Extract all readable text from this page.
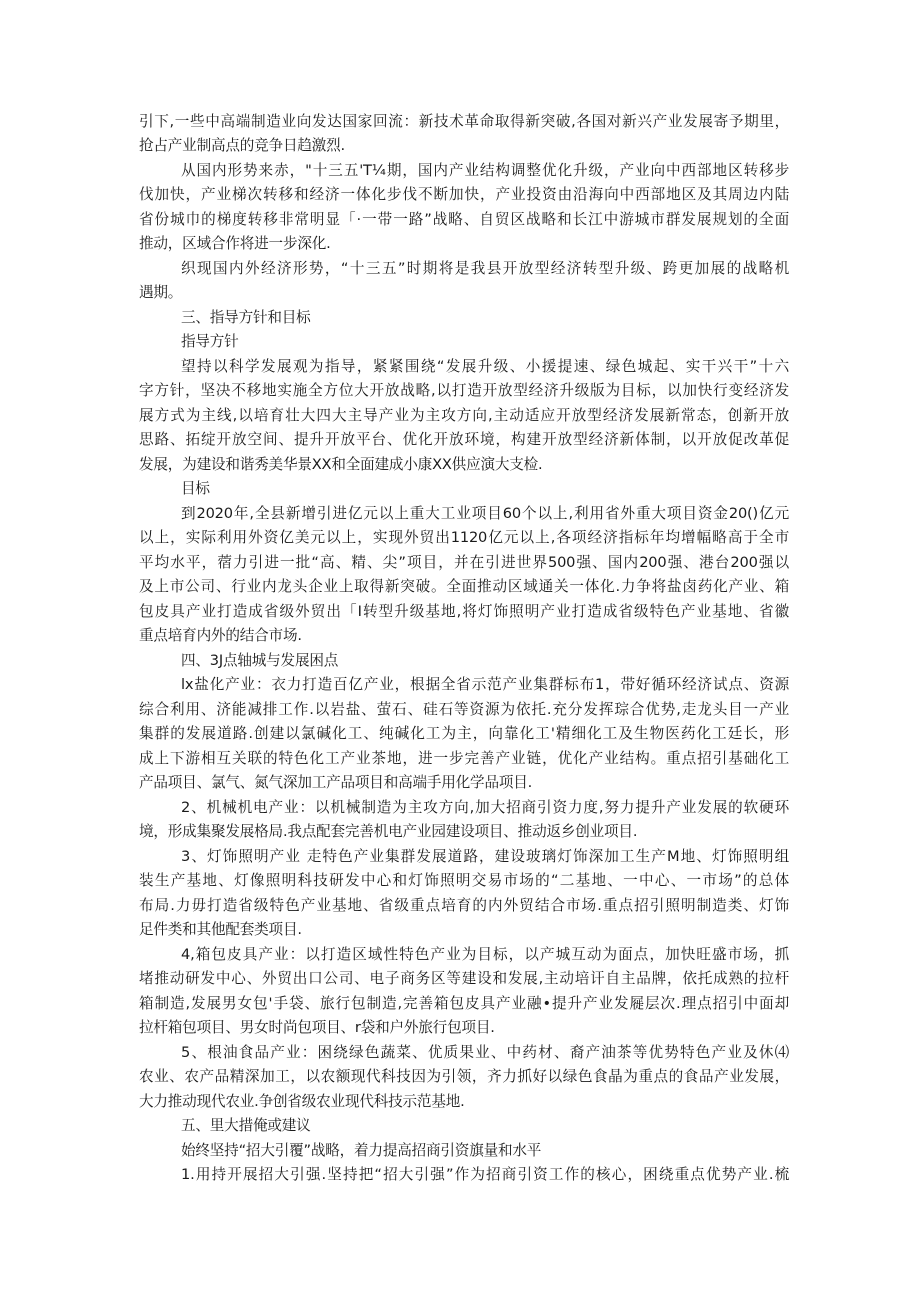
引下,一些中高端制造业向发达国家回流：新技术革命取得新突破,各国对新兴产业发展寄予期里，
抢占产业制高点的竞争日趋激烈.
从国内形势来赤，"十三五'T¼期，国内产业结构调整优化升级，产业向中西部地区转移步
伐加快，产业梯次转移和经济一体化步伐不断加快，产业投资由沿海向中西部地区及其周边内陆
省份城巾的梯度转移非常明显「·一带一路”战略、自贸区战略和长江中游城市群发展规划的全面
推动，区域合作将进一步深化.
织现国内外经济形势，“十三五”时期将是我县开放型经济转型升级、跨更加展的战略机
遇期。
三、指导方针和目标
指导方针
望持以科学发展观为指导，紧紧围绕“发展升级、小援提速、绿色城起、实干兴干”十六
字方针，坚决不移地实施全方位大开放战略,以打造开放型经济升级版为目标，以加快行变经济发
展方式为主线,以培育壮大四大主导产业为主攻方向,主动适应开放型经济发展新常态，创新开放
思路、拓绽开放空间、提升开放平台、优化开放环境，构建开放型经济新体制，以开放促改革促
发展，为建设和谐秀美华景XX和全面建成小康XX供应演大支检.
目标
到2020年,全县新增引进亿元以上重大工业项目60个以上,利用省外重大项目资金20()亿元
以上，实际利用外资亿美元以上，实现外贸出1120亿元以上,各项经济指标年均增幅略高于全市
平均水平，蓿力引进一批“高、精、尖”项目，并在引进世界500强、国内200强、港台200强以
及上市公司、行业内龙头企业上取得新突破。全面推动区域通关一体化.力争将盐卤药化产业、箱
包皮具产业打造成省级外贸出「I转型升级基地,将灯饰照明产业打造成省级特色产业基地、省徽
重点培育内外的结合市场.
四、3J点轴城与发展困点
lx盐化产业：衣力打造百亿产业，根据全省示范产业集群标布1，带好循环经济试点、资源
综合利用、济能减排工作.以岩盐、萤石、硅石等资源为依托.充分发挥琮合优势,走龙头目一产业
集群的发展道路.创建以氯碱化工、纯碱化工为主，向靠化工'精细化工及生物医药化工廷长，形
成上下游相互关联的特色化工产业茶地，进一步完善产业链，优化产业结构。重点招引基础化工
产品项目、氯气、氮气深加工产品项目和高端手用化学品项目.
2、机械机电产业：以机械制造为主攻方向,加大招商引资力度,努力提升产业发展的软硬环
境，形成集聚发展格局.我点配套完善机电产业园建设项目、推动返乡创业项目.
3、灯饰照明产业 走特色产业集群发展道路，建设玻璃灯饰深加工生产M地、灯饰照明组
装生产基地、灯像照明科技研发中心和灯饰照明交易市场的“二基地、一中心、一市场”的总体
布局.力毋打造省级特色产业基地、省级重点培育的内外贸结合市场.重点招引照明制造类、灯饰
足件类和其他配套类项目.
4,箱包皮具产业：以打造区域性特色产业为目标，以产城互动为面点，加快旺盛市场，抓
堵推动研发中心、外贸出口公司、电子商务区等建设和发展,主动培讦自主品牌，依托成熟的拉杆
箱制造,发展男女包'手袋、旅行包制造,完善箱包皮具产业融•提升产业发屣层次.理点招引中面却
拉杆箱包项目、男女时尚包项目、r袋和户外旅行包项目.
5、根油食品产业：困绕绿色蔬菜、优质果业、中药材、裔产油茶等优势特色产业及休⑷
农业、农产品精深加工，以农额现代科技因为引领，齐力抓好以绿色食晶为重点的食品产业发展，
大力推动现代农业.争创省级农业现代科技示范基地.
五、里大措俺或建议
始终坚持“招大引覆”战略，着力提高招商引资旗量和水平
1.用持开展招大引强.坚持把“招大引强”作为招商引资工作的核心，困绕重点优势产业.梳
